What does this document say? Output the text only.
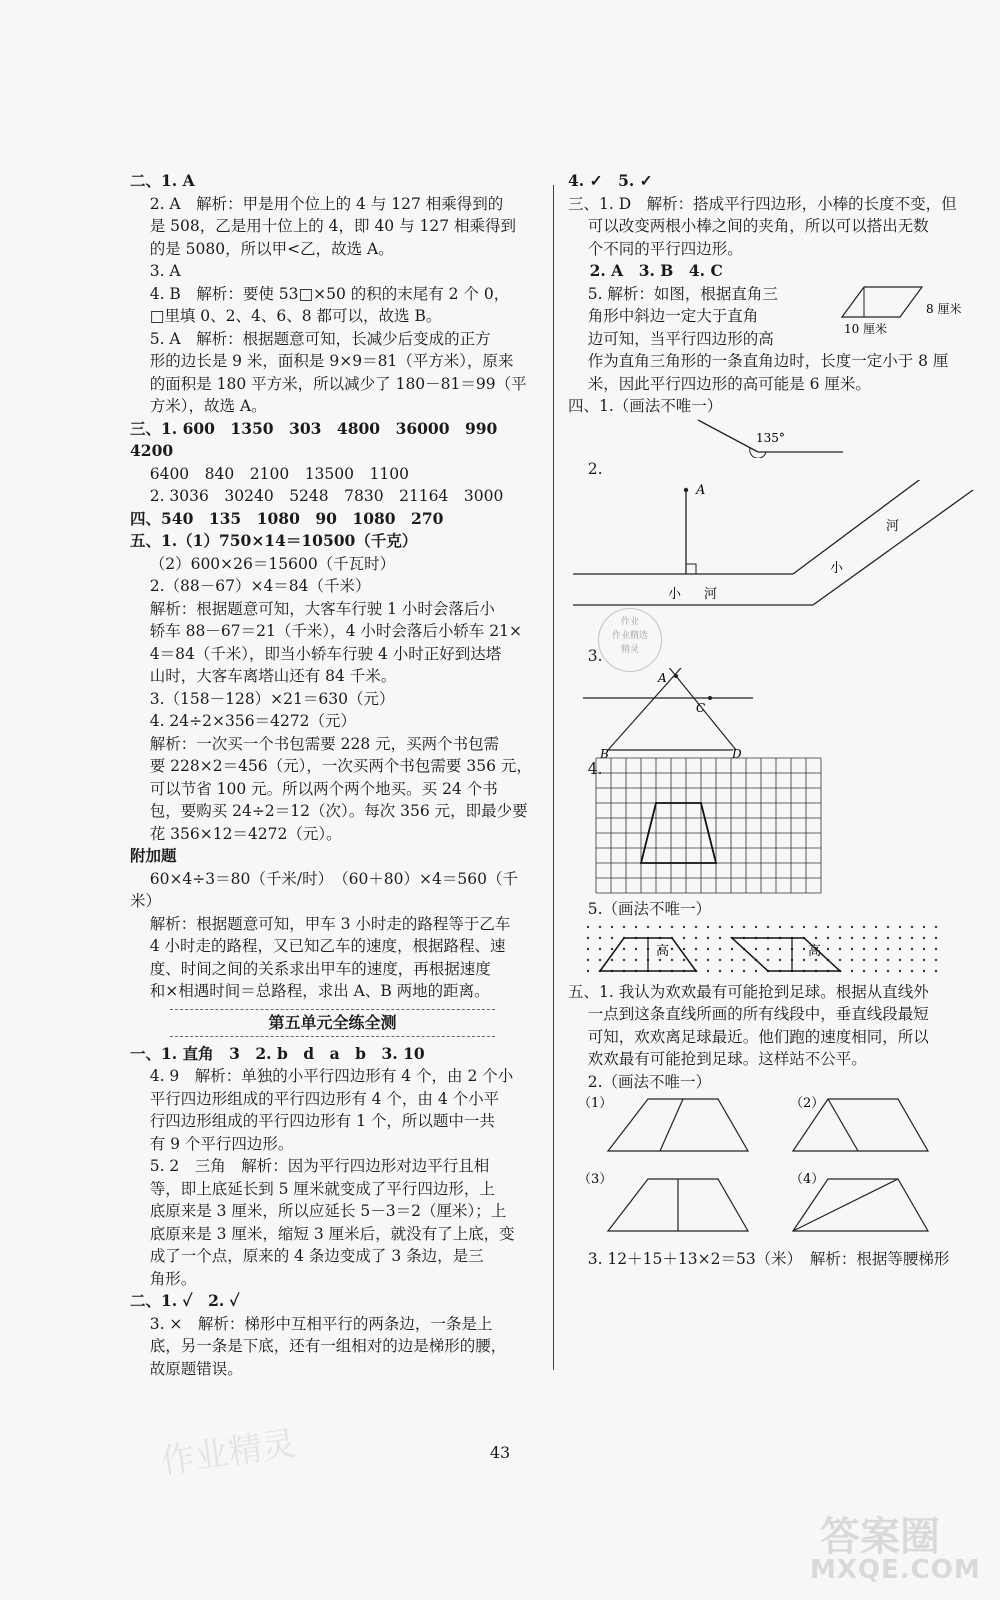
二、1. A
2. A　解析：甲是用个位上的 4 与 127 相乘得到的
是 508，乙是用十位上的 4，即 40 与 127 相乘得到
的是 5080，所以甲<乙，故选 A。
3. A
4. B　解析：要使 53□×50 的积的末尾有 2 个 0，
□里填 0、2、4、6、8 都可以，故选 B。
5. A　解析：根据题意可知，长减少后变成的正方
形的边长是 9 米，面积是 9×9＝81（平方米），原来
的面积是 180 平方米，所以减少了 180－81＝99（平
方米），故选 A。
三、1. 600　1350　303　4800　36000　990　4200
6400　840　2100　13500　1100
2. 3036　30240　5248　7830　21164　3000
四、540　135　1080　90　1080　270
五、1.（1）750×14＝10500（千克）
（2）600×26＝15600（千瓦时）
2.（88－67）×4＝84（千米）
解析：根据题意可知，大客车行驶 1 小时会落后小
轿车 88－67＝21（千米），4 小时会落后小轿车 21×
4＝84（千米），即当小轿车行驶 4 小时正好到达塔
山时，大客车离塔山还有 84 千米。
3.（158－128）×21＝630（元）
4. 24÷2×356＝4272（元）
解析：一次买一个书包需要 228 元，买两个书包需
要 228×2＝456（元），一次买两个书包需要 356 元，
可以节省 100 元。所以两个两个地买。买 24 个书
包，要购买 24÷2＝12（次）。每次 356 元，即最少要
花 356×12＝4272（元）。
附加题
60×4÷3＝80（千米/时）　（60＋80）×4＝560（千米）
解析：根据题意可知，甲车 3 小时走的路程等于乙车
4 小时走的路程，又已知乙车的速度，根据路程、速
度、时间之间的关系求出甲车的速度，再根据速度
和×相遇时间＝总路程，求出 A、B 两地的距离。
第五单元全练全测
一、1. 直角　3　2. b　d　a　b　3. 10
4. 9　解析：单独的小平行四边形有 4 个，由 2 个小
平行四边形组成的平行四边形有 4 个，由 4 个小平
行四边形组成的平行四边形有 1 个，所以题中一共
有 9 个平行四边形。
5. 2　三角　解析：因为平行四边形对边平行且相
等，即上底延长到 5 厘米就变成了平行四边形，上
底原来是 3 厘米，所以应延长 5－3＝2（厘米）；上
底原来是 3 厘米，缩短 3 厘米后，就没有了上底，变
成了一个点，原来的 4 条边变成了 3 条边，是三
角形。
二、1. ✓　2. ✓
3. ×　解析：梯形中互相平行的两条边，一条是上
底，另一条是下底，还有一组相对的边是梯形的腰，
故原题错误。
4. ✓　5. ✓
三、1. D　解析：搭成平行四边形，小棒的长度不变，但
可以改变两根小棒之间的夹角，所以可以搭出无数
个不同的平行四边形。
2. A　3. B　4. C
5. 解析：如图，根据直角三
角形中斜边一定大于直角
边可知，当平行四边形的高
8 厘米
10 厘米
作为直角三角形的一条直角边时，长度一定小于 8 厘
米，因此平行四边形的高可能是 6 厘米。
四、1.（画法不唯一）
135°
2.
A
河
小
小 河
3.
A
C
B	D
4.
5.（画法不唯一）
高	高
五、1. 我认为欢欢最有可能抢到足球。根据从直线外
一点到这条直线所画的所有线段中，垂直线段最短
可知，欢欢离足球最近。他们跑的速度相同，所以
欢欢最有可能抢到足球。这样站不公平。
2.（画法不唯一）
（1）	（2）
（3）	（4）
3. 12＋15＋13×2＝53（米）　解析：根据等腰梯形
作业
作业精选
精灵
43
作业精灵
答案圈
MXQE.COM
